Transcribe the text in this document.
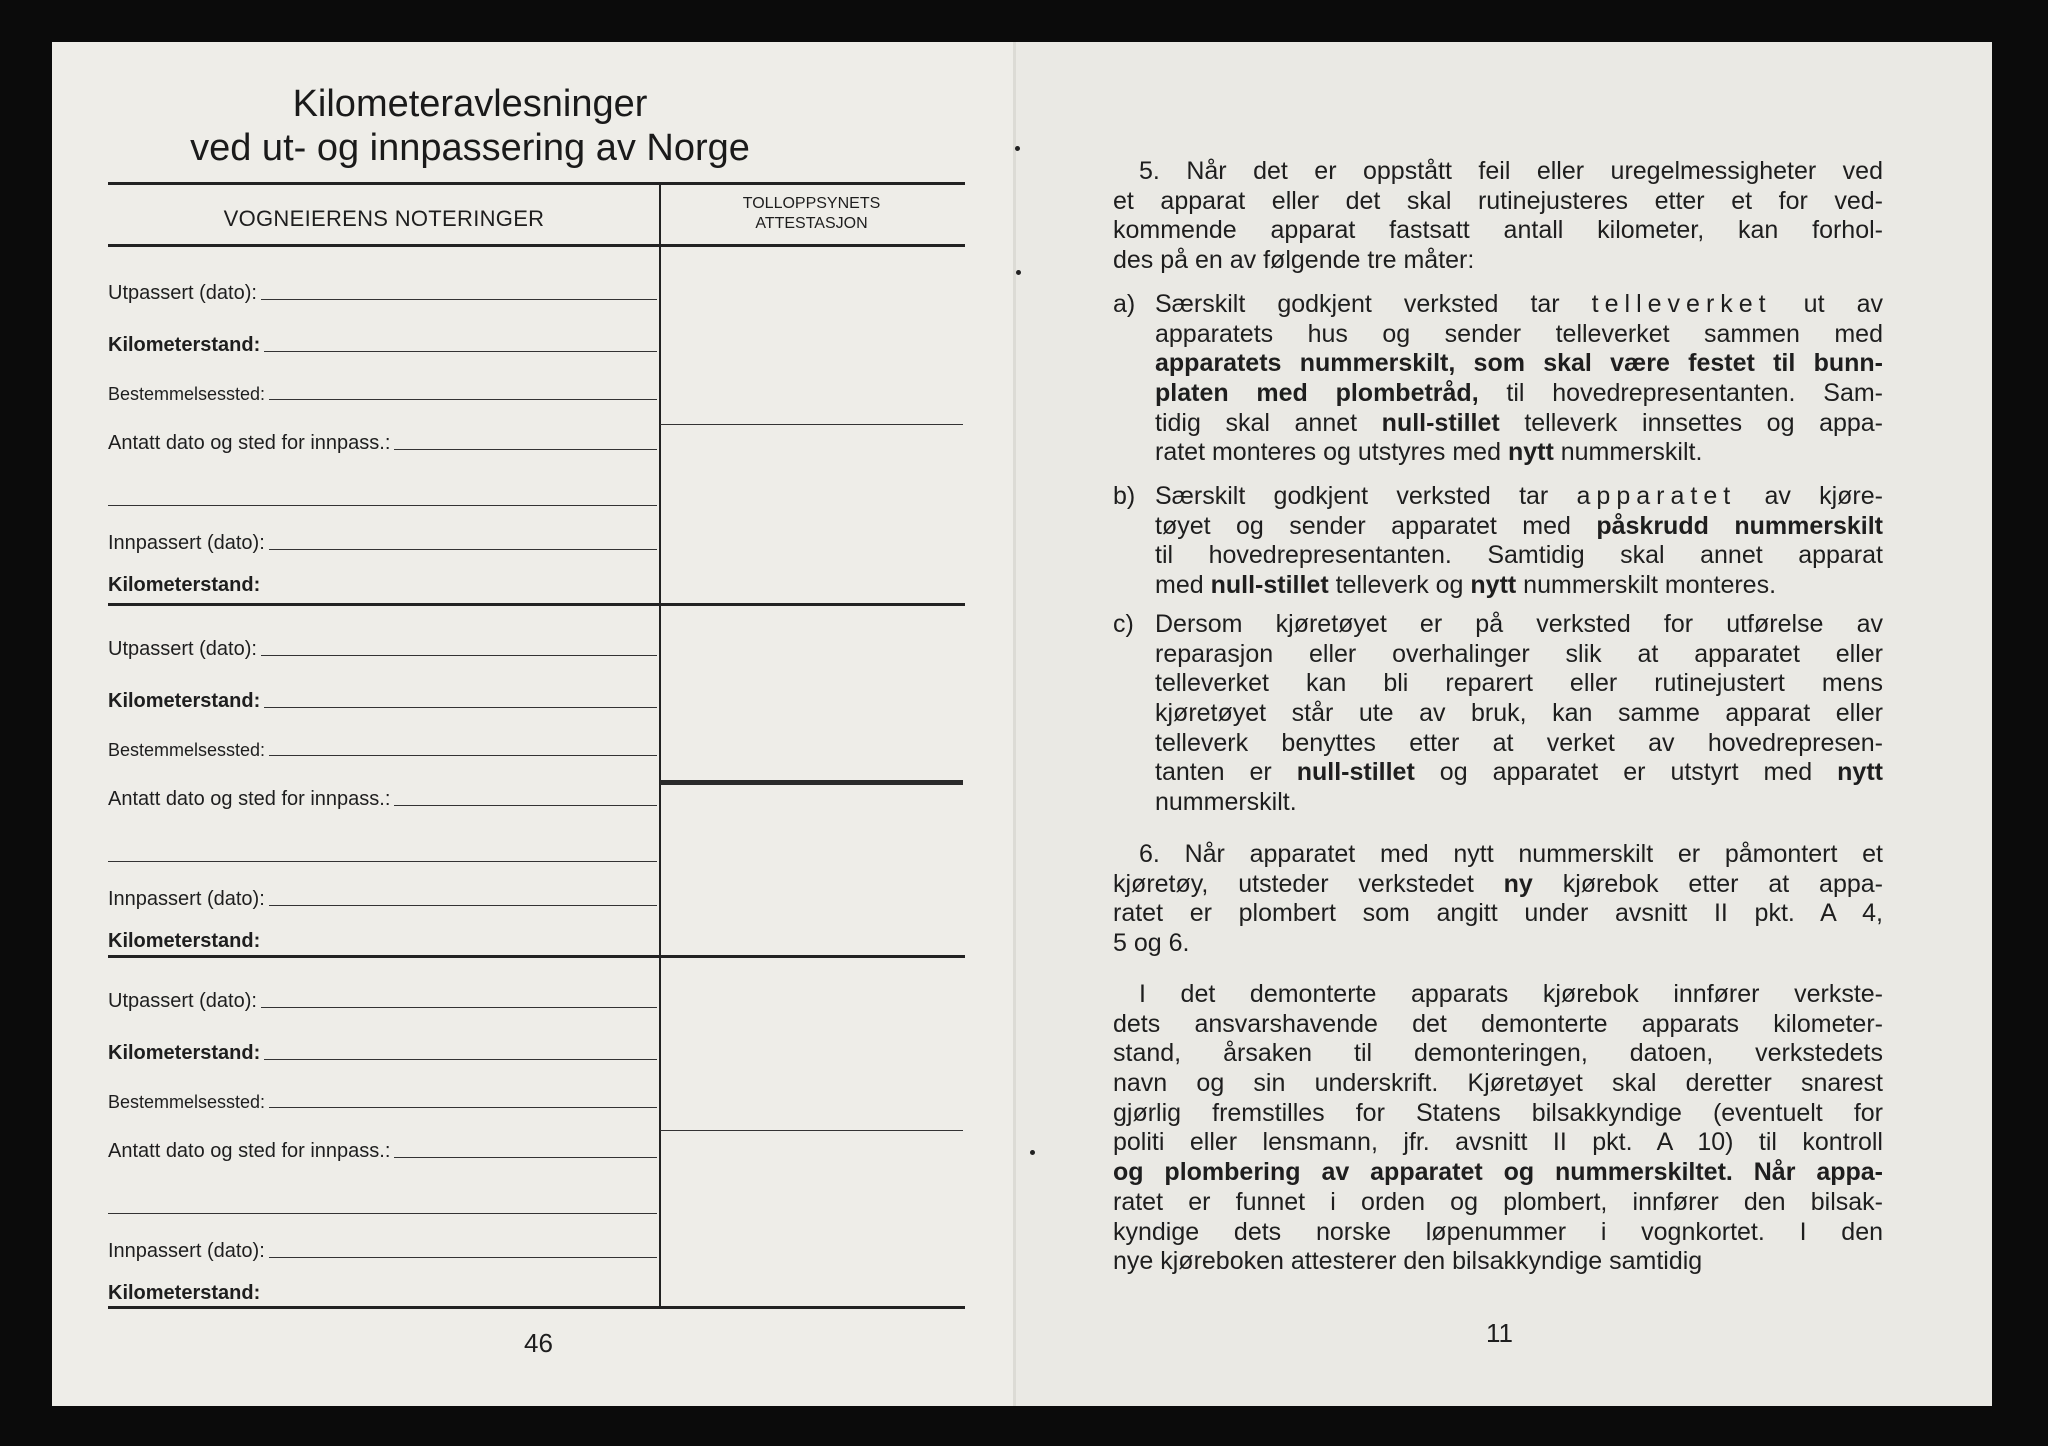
Kilometeravlesninger
ved ut- og innpassering av Norge
VOGNEIERENS NOTERINGER
TOLLOPPSYNETS
ATTESTASJON
Utpassert (dato):
Kilometerstand:
Bestemmelsessted:
Antatt dato og sted for innpass.:
Innpassert (dato):
Kilometerstand:
Utpassert (dato):
Kilometerstand:
Bestemmelsessted:
Antatt dato og sted for innpass.:
Innpassert (dato):
Kilometerstand:
Utpassert (dato):
Kilometerstand:
Bestemmelsessted:
Antatt dato og sted for innpass.:
Innpassert (dato):
Kilometerstand:
46	11
5. Når det er oppstått feil eller uregelmessigheter ved
et apparat eller det skal rutinejusteres etter et for ved-
kommende apparat fastsatt antall kilometer, kan forhol-
des på en av følgende tre måter:
a) Særskilt godkjent verksted tar telleverket ut av
apparatets hus og sender telleverket sammen med
apparatets nummerskilt, som skal være festet til bunn-
platen med plombetråd, til hovedrepresentanten. Sam-
tidig skal annet null-stillet telleverk innsettes og appa-
ratet monteres og utstyres med nytt nummerskilt.
b) Særskilt godkjent verksted tar apparatet av kjøre-
tøyet og sender apparatet med påskrudd nummerskilt
til hovedrepresentanten. Samtidig skal annet apparat
med null-stillet telleverk og nytt nummerskilt monteres.
c) Dersom kjøretøyet er på verksted for utførelse av
reparasjon eller overhalinger slik at apparatet eller
telleverket kan bli reparert eller rutinejustert mens
kjøretøyet står ute av bruk, kan samme apparat eller
telleverk benyttes etter at verket av hovedrepresen-
tanten er null-stillet og apparatet er utstyrt med nytt
nummerskilt.
6. Når apparatet med nytt nummerskilt er påmontert et
kjøretøy, utsteder verkstedet ny kjørebok etter at appa-
ratet er plombert som angitt under avsnitt II pkt. A 4,
5 og 6.
I det demonterte apparats kjørebok innfører verkste-
dets ansvarshavende det demonterte apparats kilometer-
stand, årsaken til demonteringen, datoen, verkstedets
navn og sin underskrift. Kjøretøyet skal deretter snarest
gjørlig fremstilles for Statens bilsakkyndige (eventuelt for
politi eller lensmann, jfr. avsnitt II pkt. A 10) til kontroll
og plombering av apparatet og nummerskiltet. Når appa-
ratet er funnet i orden og plombert, innfører den bilsak-
kyndige dets norske løpenummer i vognkortet. I den
nye kjøreboken attesterer den bilsakkyndige samtidig
